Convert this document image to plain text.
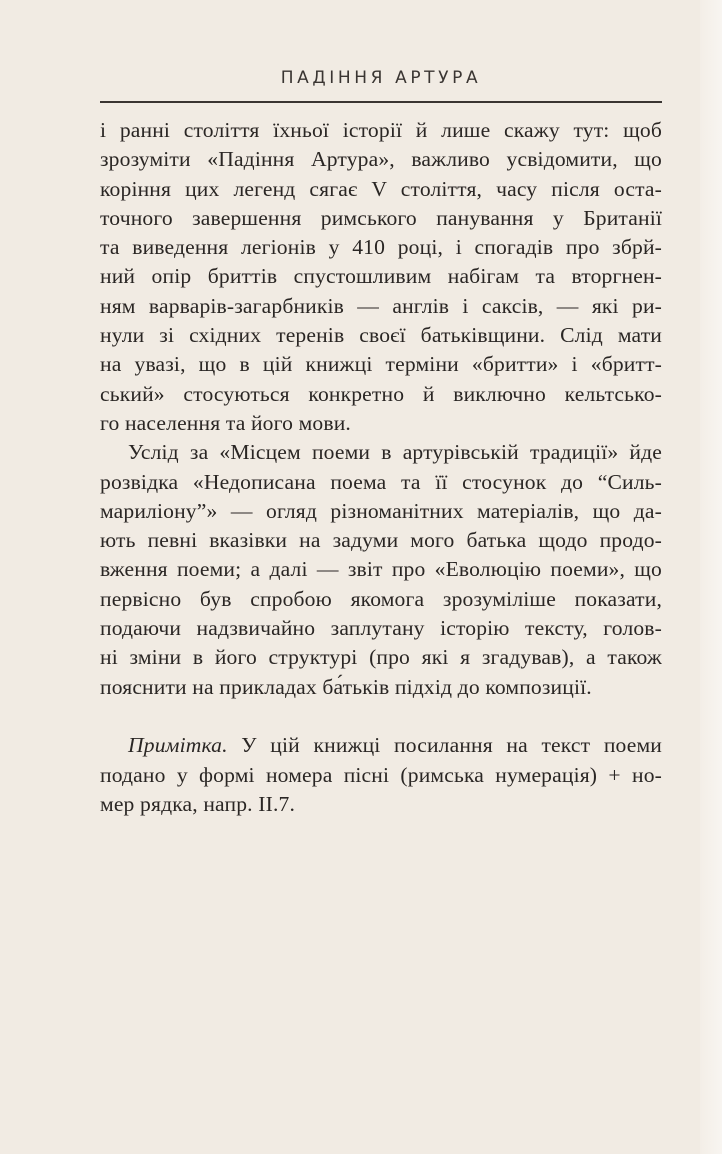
ПАДІННЯ АРТУРА
і ранні століття їхньої історії й лише скажу тут: щоб
зрозуміти «Падіння Артура», важливо усвідомити, що
коріння цих легенд сягає V століття, часу після оста-
точного завершення римського панування у Британії
та виведення легіонів у 410 році, і спогадів про збрй-
ний опір бриттів спустошливим набігам та вторгнен-
ням варварів-загарбників — англів і саксів, — які ри-
нули зі східних теренів своєї батьківщини. Слід мати
на увазі, що в цій книжці терміни «бритти» і «бритт-
ський» стосуються конкретно й виключно кельтсько-
го населення та його мови.
Услід за «Місцем поеми в артурівській традиції» йде
розвідка «Недописана поема та її стосунок до “Силь-
мариліону”» — огляд різноманітних матеріалів, що да-
ють певні вказівки на задуми мого батька щодо продо-
вження поеми; а далі — звіт про «Еволюцію поеми», що
первісно був спробою якомога зрозуміліше показати,
подаючи надзвичайно заплутану історію тексту, голов-
ні зміни в його структурі (про які я згадував), а також
пояснити на прикладах ба́тьків підхід до композиції.
Примітка. У цій книжці посилання на текст поеми
подано у формі номера пісні (римська нумерація) + но-
мер рядка, напр. II.7.
